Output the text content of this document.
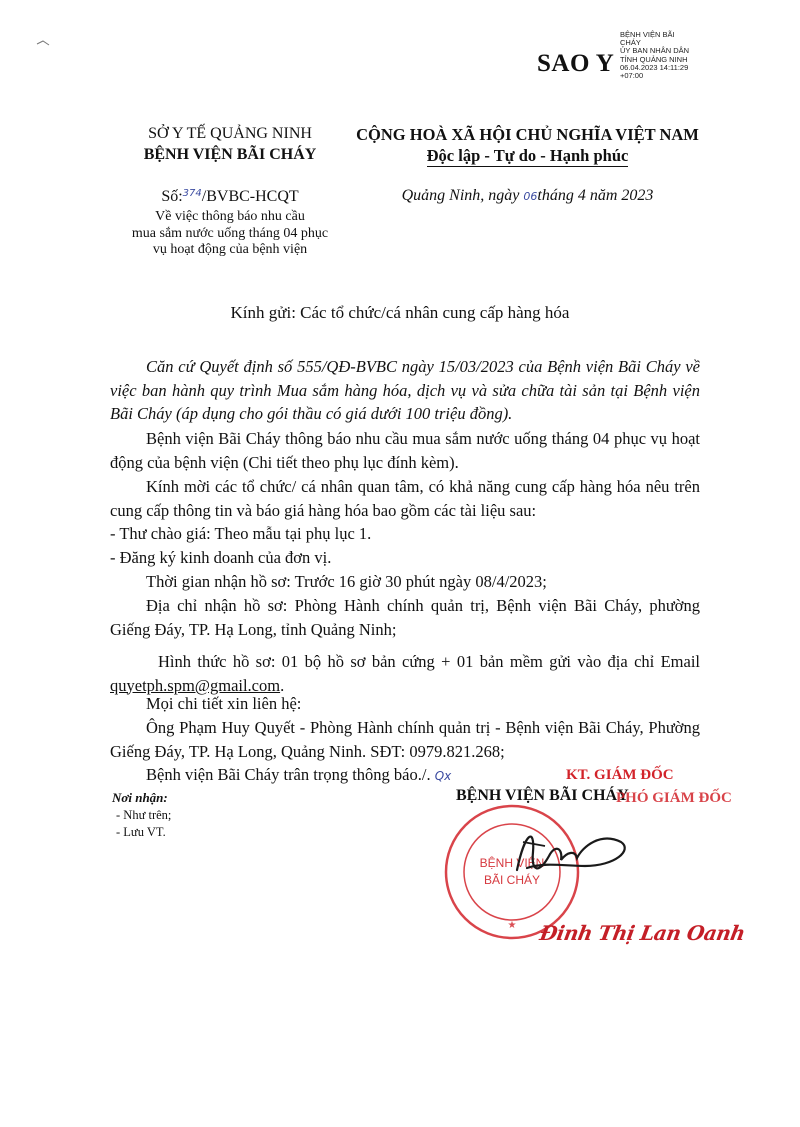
SAO Y
BỆNH VIỆN BÃI
CHÁY
ỦY BAN NHÂN DÂN
TỈNH QUẢNG NINH
06.04.2023 14:11:29
+07:00
SỞ Y TẾ QUẢNG NINH
BỆNH VIỆN BÃI CHÁY
CỘNG HOÀ XÃ HỘI CHỦ NGHĨA VIỆT NAM
Độc lập - Tự do - Hạnh phúc
Số:$^{374}$/BVBC-HCQT
Về việc thông báo nhu cầu
mua sắm nước uống tháng 04 phục
vụ hoạt động của bệnh viện
Quảng Ninh, ngày 06tháng 4 năm 2023
Kính gửi: Các tổ chức/cá nhân cung cấp hàng hóa
Căn cứ Quyết định số 555/QĐ-BVBC ngày 15/03/2023 của Bệnh viện Bãi Cháy về việc ban hành quy trình Mua sắm hàng hóa, dịch vụ và sửa chữa tài sản tại Bệnh viện Bãi Cháy (áp dụng cho gói thầu có giá dưới 100 triệu đồng).
Bệnh viện Bãi Cháy thông báo nhu cầu mua sắm nước uống tháng 04 phục vụ hoạt động của bệnh viện (Chi tiết theo phụ lục đính kèm).
Kính mời các tổ chức/ cá nhân quan tâm, có khả năng cung cấp hàng hóa nêu trên cung cấp thông tin và báo giá hàng hóa bao gồm các tài liệu sau:
- Thư chào giá: Theo mẫu tại phụ lục 1.
- Đăng ký kinh doanh của đơn vị.
Thời gian nhận hồ sơ: Trước 16 giờ 30 phút ngày 08/4/2023;
Địa chỉ nhận hồ sơ: Phòng Hành chính quản trị, Bệnh viện Bãi Cháy, phường Giếng Đáy, TP. Hạ Long, tỉnh Quảng Ninh;
Hình thức hồ sơ: 01 bộ hồ sơ bản cứng + 01 bản mềm gửi vào địa chỉ Email quyetph.spm@gmail.com.
Mọi chi tiết xin liên hệ:
Ông Phạm Huy Quyết - Phòng Hành chính quản trị - Bệnh viện Bãi Cháy, Phường Giếng Đáy, TP. Hạ Long, Quảng Ninh. SĐT: 0979.821.268;
Bệnh viện Bãi Cháy trân trọng thông báo./. Qx
Nơi nhận:
- Như trên;
- Lưu VT.
KT. GIÁM ĐỐC
BỆNH VIỆN BÃI CHÁY
PHÓ GIÁM ĐỐC
BỆNH VIỆN
BÃI CHÁY
★ Đinh Thị Lan Oanh
